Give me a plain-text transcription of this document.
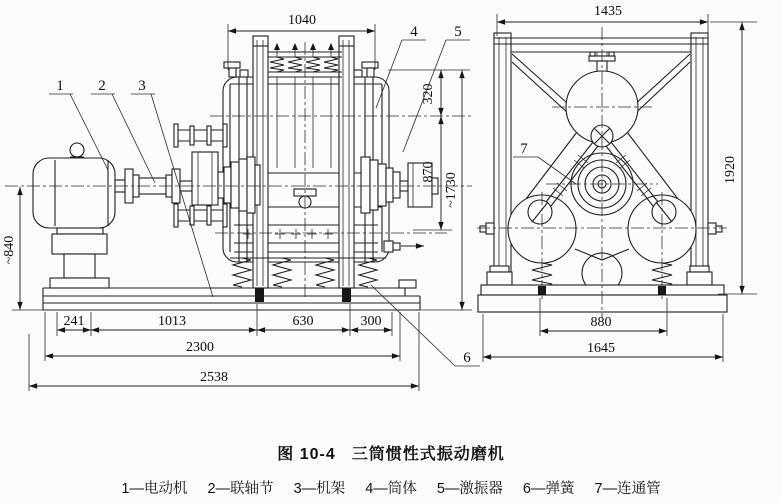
1040
~840
320
870
~1730
241	1013	630	300
2300
2538
1435
1920
880
1645
1 2 3
4 5
6
7
图 10-4 三筒惯性式振动磨机
1—电动机 2—联轴节 3—机架 4—筒体 5—激振器 6—弹簧 7—连通管
